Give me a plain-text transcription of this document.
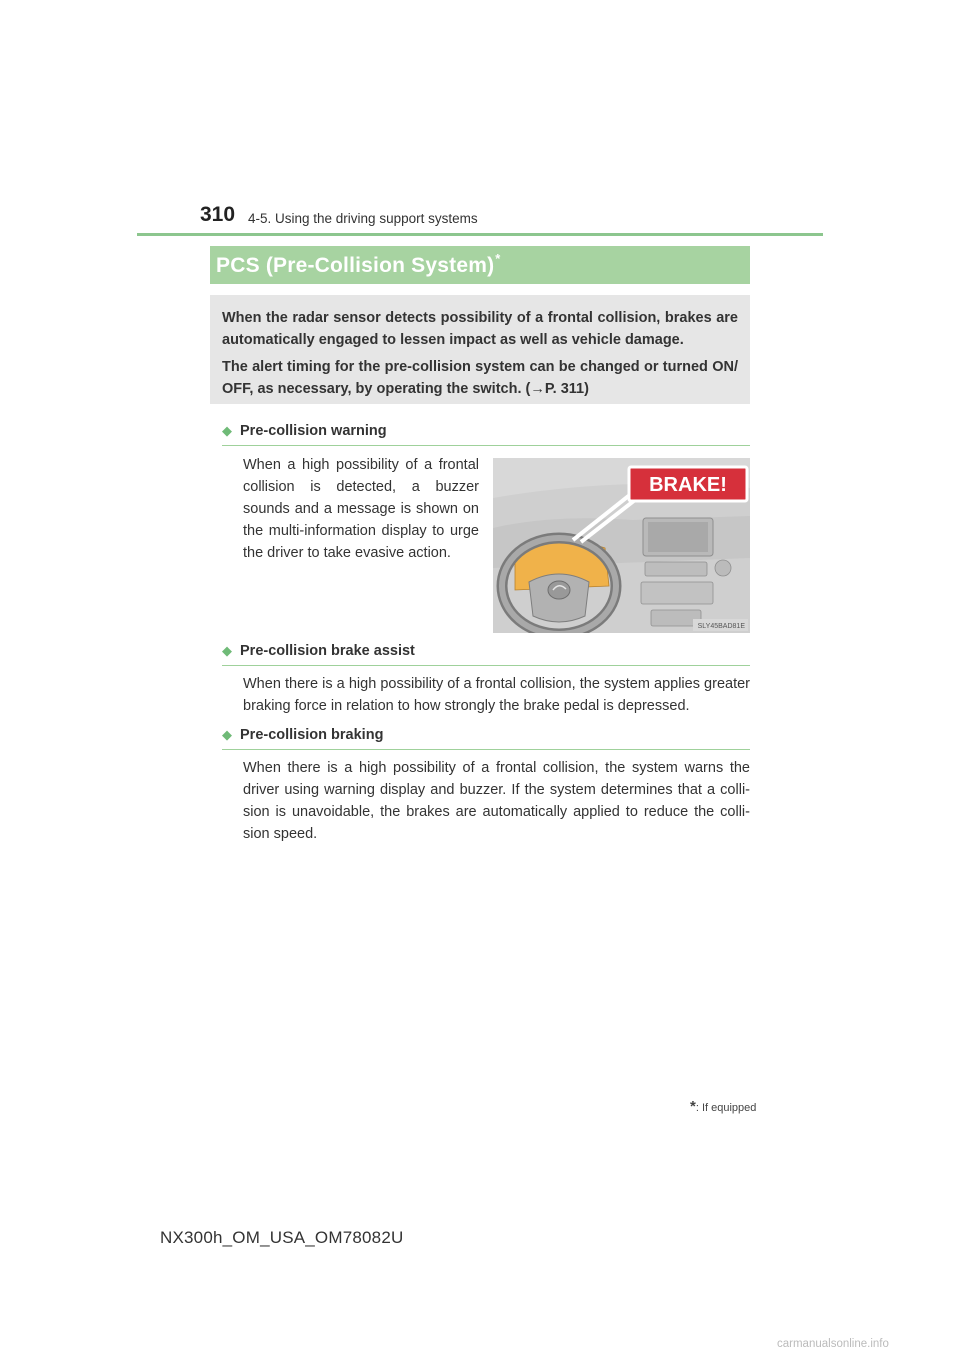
310 4-5. Using the driving support systems
PCS (Pre-Collision System)*

When the radar sensor detects possibility of a frontal collision, brakes are automatically engaged to lessen impact as well as vehicle damage.

The alert timing for the pre-collision system can be changed or turned ON/ OFF, as necessary, by operating the switch. (→P. 311)

◆ Pre-collision warning

When a high possibility of a frontal collision is detected, a buzzer sounds and a message is shown on the multi-information display to urge the driver to take evasive action.

BRAKE!
SLY45BAD81E
◆ Pre-collision brake assist

When there is a high possibility of a frontal collision, the system applies greater braking force in relation to how strongly the brake pedal is depressed.

◆ Pre-collision braking

When there is a high possibility of a frontal collision, the system warns the driver using warning display and buzzer. If the system determines that a colli- sion is unavoidable, the brakes are automatically applied to reduce the colli- sion speed.

*: If equipped
NX300h_OM_USA_OM78082U
carmanualsonline.info
